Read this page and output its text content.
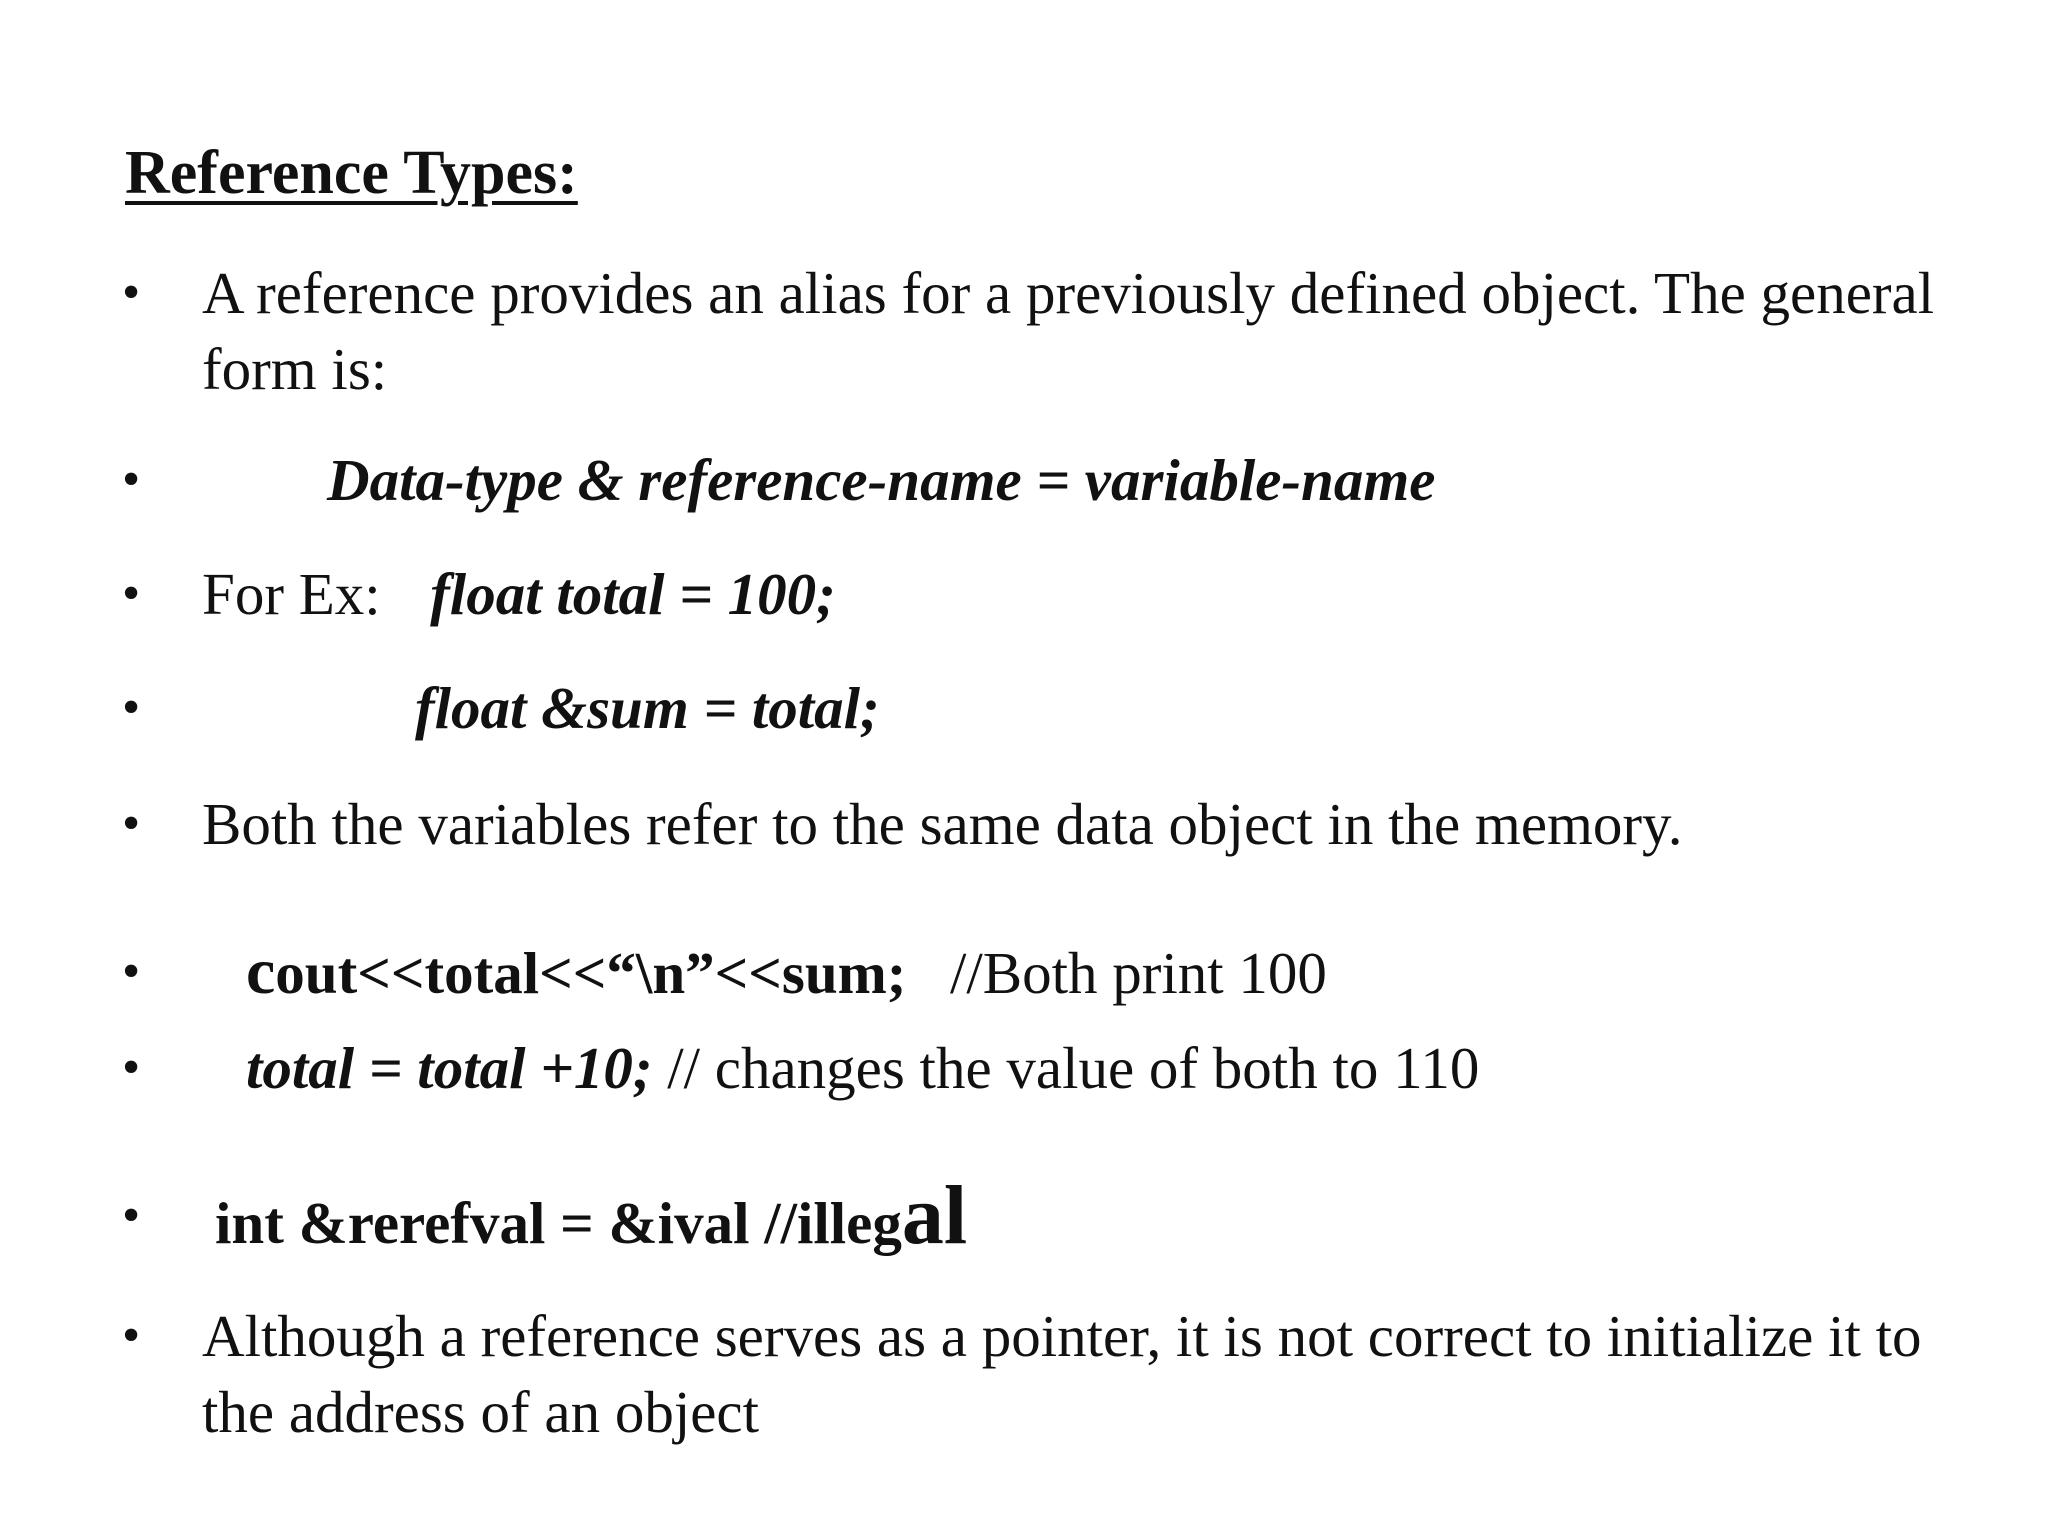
Reference Types:
• A reference provides an alias for a previously defined object. The general form is:
•	Data-type & reference-name = variable-name
• For Ex: float total = 100;
•	float &sum = total;
• Both the variables refer to the same data object in the memory.
• cout<<total<<“\n”<<sum; //Both print 100
• total = total +10; // changes the value of both to 110
• int &rerefval = &ival //illegal
• Although a reference serves as a pointer, it is not correct to initialize it to the address of an object
